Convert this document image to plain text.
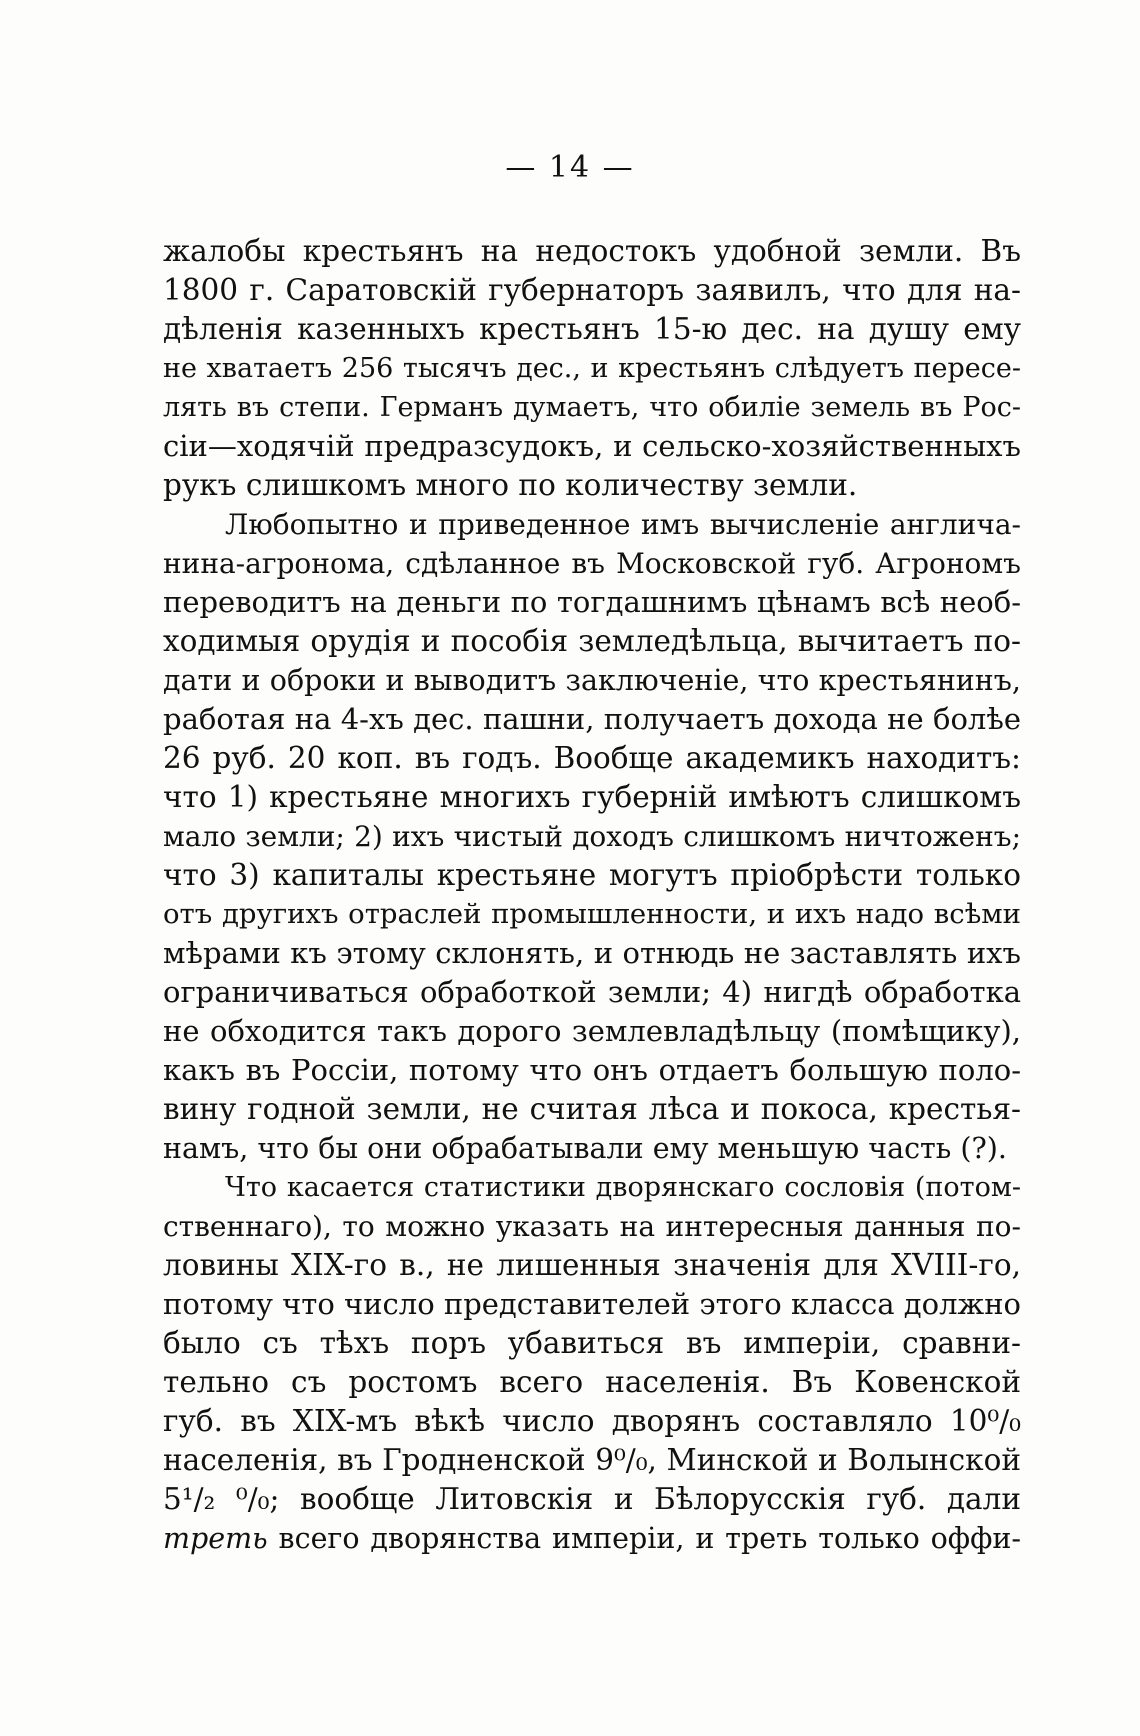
— 14 —
жалобы крестьянъ на недостокъ удобной земли. Въ
1800 г. Саратовскій губернаторъ заявилъ, что для на-
дѣленія казенныхъ крестьянъ 15-ю дес. на душу ему
не хватаетъ 256 тысячъ дес., и крестьянъ слѣдуетъ пересе-
лять въ степи. Германъ думаетъ, что обиліе земель въ Рос-
сіи—ходячій предразсудокъ, и сельско-хозяйственныхъ
рукъ слишкомъ много по количеству земли.
Любопытно и приведенное имъ вычисленіе англича-
нина-агронома, сдѣланное въ Московской губ. Агрономъ
переводитъ на деньги по тогдашнимъ цѣнамъ всѣ необ-
ходимыя орудія и пособія земледѣльца, вычитаетъ по-
дати и оброки и выводитъ заключеніе, что крестьянинъ,
работая на 4-хъ дес. пашни, получаетъ дохода не болѣе
26 руб. 20 коп. въ годъ. Вообще академикъ находитъ:
что 1) крестьяне многихъ губерній имѣютъ слишкомъ
мало земли; 2) ихъ чистый доходъ слишкомъ ничтоженъ;
что 3) капиталы крестьяне могутъ пріобрѣсти только
отъ другихъ отраслей промышленности, и ихъ надо всѣми
мѣрами къ этому склонять, и отнюдь не заставлять ихъ
ограничиваться обработкой земли; 4) нигдѣ обработка
не обходится такъ дорого землевладѣльцу (помѣщику),
какъ въ Россіи, потому что онъ отдаетъ большую поло-
вину годной земли, не считая лѣса и покоса, крестья-
намъ, что бы они обрабатывали ему меньшую часть (?).
Что касается статистики дворянскаго сословія (потом-
ственнаго), то можно указать на интересныя данныя по-
ловины XIX-го в., не лишенныя значенія для XVIII-го,
потому что число представителей этого класса должно
было съ тѣхъ поръ убавиться въ имперіи, сравни-
тельно съ ростомъ всего населенія. Въ Ковенской
губ. въ XIX-мъ вѣкѣ число дворянъ составляло 10⁰/₀
населенія, въ Гродненской 9⁰/₀, Минской и Волынской
5¹/₂ ⁰/₀; вообще Литовскія и Бѣлорусскія губ. дали
треть всего дворянства имперіи, и треть только оффи-
